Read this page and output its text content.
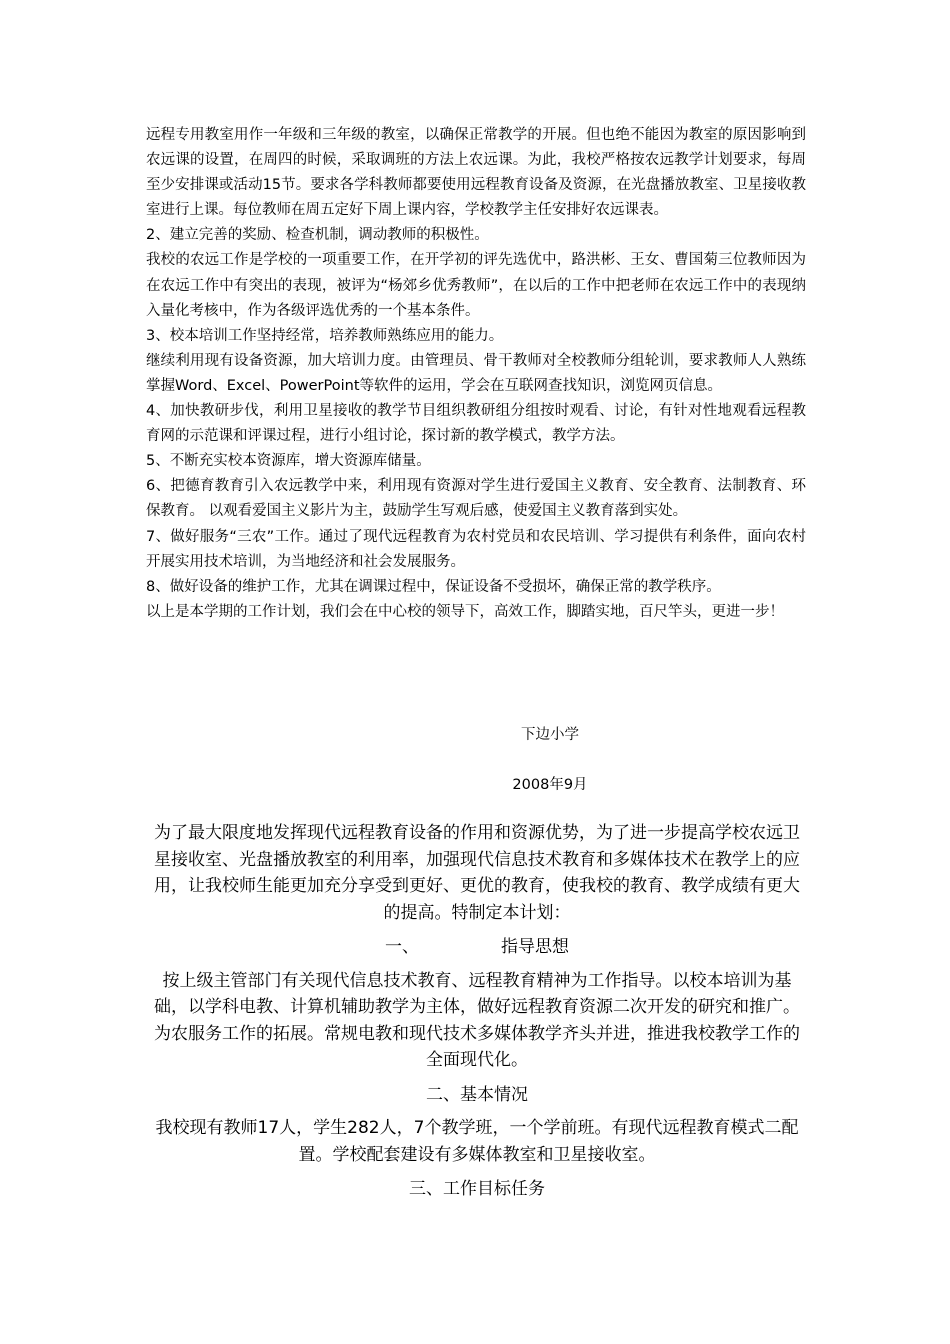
远程专用教室用作一年级和三年级的教室，以确保正常教学的开展。但也绝不能因为教室的原因影响到农远课的设置，在周四的时候，采取调班的方法上农远课。为此，我校严格按农远教学计划要求，每周至少安排课或活动15节。要求各学科教师都要使用远程教育设备及资源，在光盘播放教室、卫星接收教室进行上课。每位教师在周五定好下周上课内容，学校教学主任安排好农远课表。

2、建立完善的奖励、检查机制，调动教师的积极性。

我校的农远工作是学校的一项重要工作，在开学初的评先选优中，路洪彬、王女、曹国菊三位教师因为在农远工作中有突出的表现，被评为“杨郊乡优秀教师”，在以后的工作中把老师在农远工作中的表现纳入量化考核中，作为各级评选优秀的一个基本条件。

3、校本培训工作坚持经常，培养教师熟练应用的能力。

继续利用现有设备资源，加大培训力度。由管理员、骨干教师对全校教师分组轮训，要求教师人人熟练掌握Word、Excel、PowerPoint等软件的运用，学会在互联网查找知识，浏览网页信息。

4、加快教研步伐，利用卫星接收的教学节目组织教研组分组按时观看、讨论，有针对性地观看远程教育网的示范课和评课过程，进行小组讨论，探讨新的教学模式，教学方法。

5、不断充实校本资源库，增大资源库储量。

6、把德育教育引入农远教学中来，利用现有资源对学生进行爱国主义教育、安全教育、法制教育、环保教育。 以观看爱国主义影片为主，鼓励学生写观后感，使爱国主义教育落到实处。

7、做好服务“三农”工作。通过了现代远程教育为农村党员和农民培训、学习提供有利条件，面向农村开展实用技术培训，为当地经济和社会发展服务。

8、做好设备的维护工作，尤其在调课过程中，保证设备不受损坏，确保正常的教学秩序。

以上是本学期的工作计划，我们会在中心校的领导下，高效工作，脚踏实地，百尺竿头，更进一步！

下边小学
2008年9月

为了最大限度地发挥现代远程教育设备的作用和资源优势，为了进一步提高学校农远卫星接收室、光盘播放教室的利用率，加强现代信息技术教育和多媒体技术在教学上的应用，让我校师生能更加充分享受到更好、更优的教育，使我校的教育、教学成绩有更大的提高。特制定本计划：

一、	指导思想

按上级主管部门有关现代信息技术教育、远程教育精神为工作指导。以校本培训为基础，以学科电教、计算机辅助教学为主体，做好远程教育资源二次开发的研究和推广。为农服务工作的拓展。常规电教和现代技术多媒体教学齐头并进，推进我校教学工作的全面现代化。

二、基本情况

我校现有教师17人，学生282人，7个教学班，一个学前班。有现代远程教育模式二配置。学校配套建设有多媒体教室和卫星接收室。

三、工作目标任务
